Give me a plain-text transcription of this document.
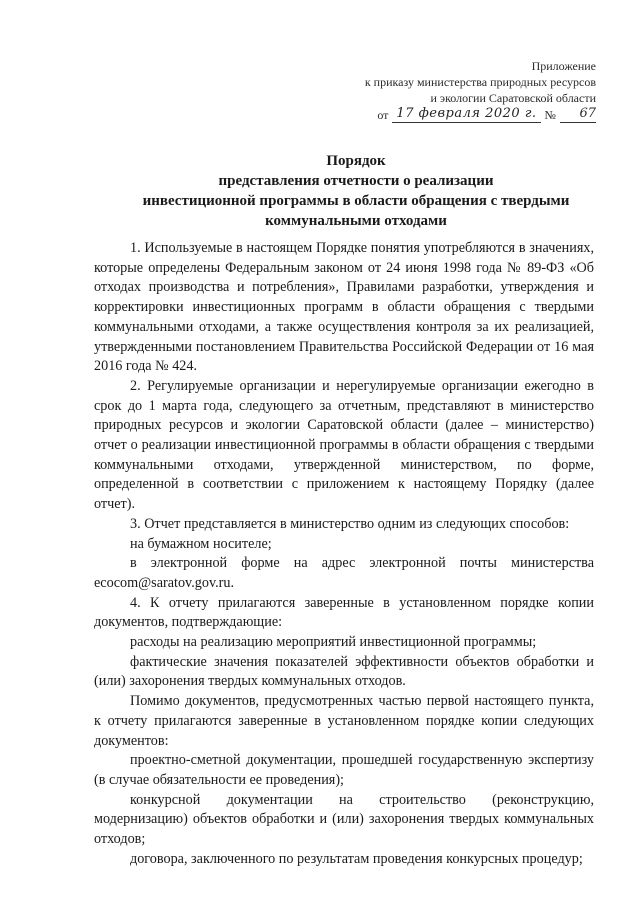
Приложение
к приказу министерства природных ресурсов
и экологии Саратовской области
от 17 февраля 2020 г. №	67
Порядок
представления отчетности о реализации
инвестиционной программы в области обращения с твердыми
коммунальными отходами

1. Используемые в настоящем Порядке понятия употребляются в значениях, которые определены Федеральным законом от 24 июня 1998 года № 89-ФЗ «Об отходах производства и потребления», Правилами разработки, утверждения и корректировки инвестиционных программ в области обращения с твердыми коммунальными отходами, а также осуществления контроля за их реализацией, утвержденными постановлением Правительства Российской Федерации от 16 мая 2016 года № 424.

2. Регулируемые организации и нерегулируемые организации ежегодно в срок до 1 марта года, следующего за отчетным, представляют в министерство природных ресурсов и экологии Саратовской области (далее – министерство) отчет о реализации инвестиционной программы в области обращения с твердыми коммунальными отходами, утвержденной министерством, по форме, определенной в соответствии с приложением к настоящему Порядку (далее отчет).

3. Отчет представляется в министерство одним из следующих способов:

на бумажном носителе;

в электронной форме на адрес электронной почты министерства ecocom@saratov.gov.ru.

4. К отчету прилагаются заверенные в установленном порядке копии документов, подтверждающие:

расходы на реализацию мероприятий инвестиционной программы;

фактические значения показателей эффективности объектов обработки и (или) захоронения твердых коммунальных отходов.

Помимо документов, предусмотренных частью первой настоящего пункта, к отчету прилагаются заверенные в установленном порядке копии следующих документов:

проектно-сметной документации, прошедшей государственную экспертизу (в случае обязательности ее проведения);

конкурсной документации на строительство (реконструкцию, модернизацию) объектов обработки и (или) захоронения твердых коммунальных отходов;

договора, заключенного по результатам проведения конкурсных процедур;
